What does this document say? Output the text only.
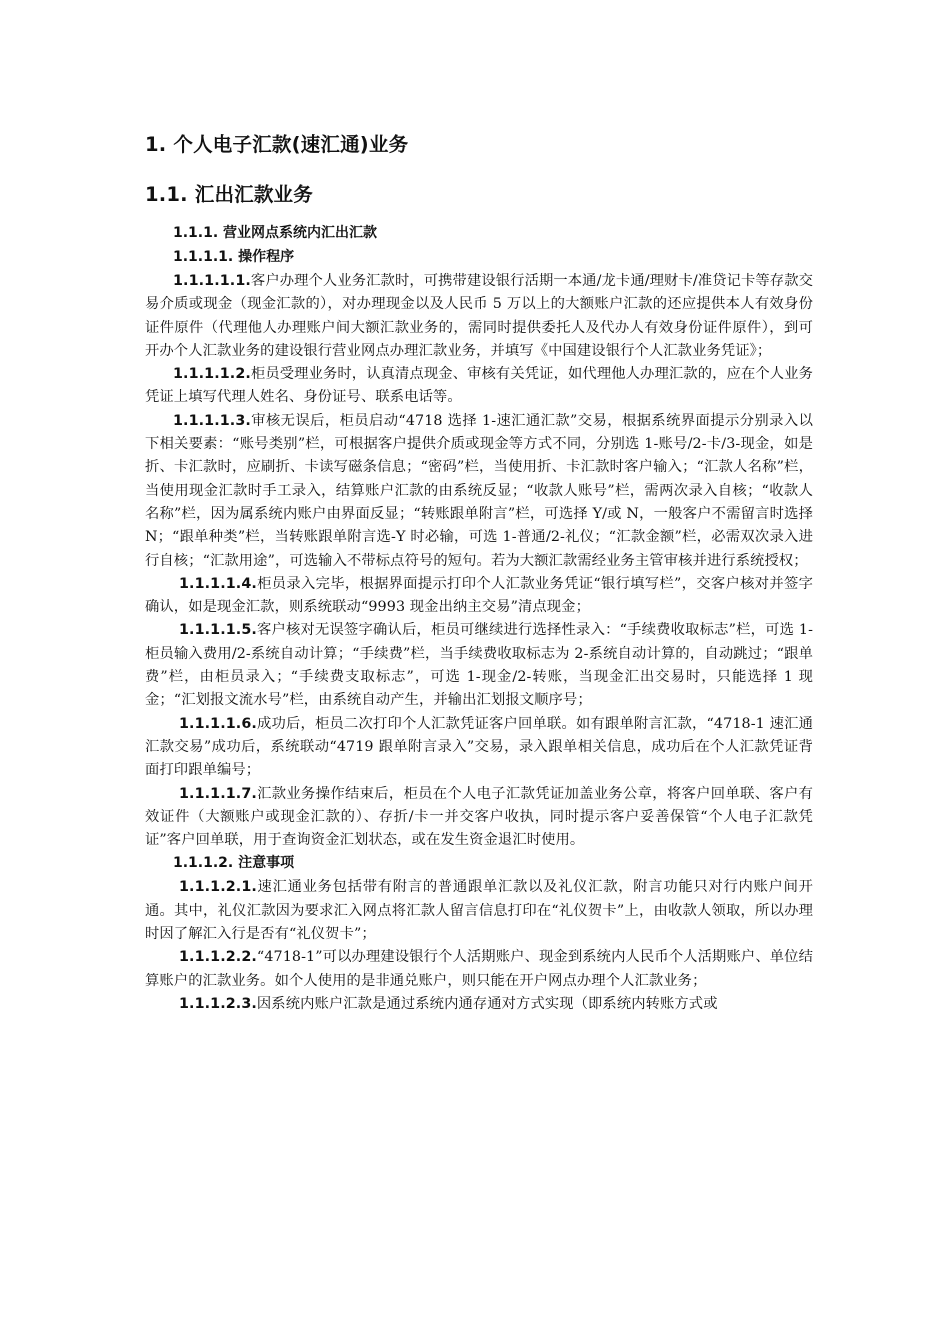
1. 个人电子汇款(速汇通)业务
1.1. 汇出汇款业务
1.1.1. 营业网点系统内汇出汇款
1.1.1.1. 操作程序

1.1.1.1.1.客户办理个人业务汇款时，可携带建设银行活期一本通/龙卡通/理财卡/准贷记卡等存款交易介质或现金（现金汇款的），对办理现金以及人民币 5 万以上的大额账户汇款的还应提供本人有效身份证件原件（代理他人办理账户间大额汇款业务的，需同时提供委托人及代办人有效身份证件原件），到可开办个人汇款业务的建设银行营业网点办理汇款业务，并填写《中国建设银行个人汇款业务凭证》；

1.1.1.1.2.柜员受理业务时，认真清点现金、审核有关凭证，如代理他人办理汇款的，应在个人业务凭证上填写代理人姓名、身份证号、联系电话等。

1.1.1.1.3.审核无误后，柜员启动“4718 选择 1-速汇通汇款”交易，根据系统界面提示分别录入以下相关要素：“账号类别”栏，可根据客户提供介质或现金等方式不同，分别选 1-账号/2-卡/3-现金，如是折、卡汇款时，应刷折、卡读写磁条信息；“密码”栏，当使用折、卡汇款时客户输入；“汇款人名称”栏，当使用现金汇款时手工录入，结算账户汇款的由系统反显；“收款人账号”栏，需两次录入自核；“收款人名称”栏，因为属系统内账户由界面反显；“转账跟单附言”栏，可选择 Y/或 N，一般客户不需留言时选择 N；“跟单种类”栏，当转账跟单附言选-Y 时必输，可选 1-普通/2-礼仪；“汇款金额”栏，必需双次录入进行自核；“汇款用途”，可选输入不带标点符号的短句。若为大额汇款需经业务主管审核并进行系统授权；

1.1.1.1.4.柜员录入完毕，根据界面提示打印个人汇款业务凭证“银行填写栏”，交客户核对并签字确认，如是现金汇款，则系统联动“9993 现金出纳主交易”清点现金；

1.1.1.1.5.客户核对无误签字确认后，柜员可继续进行选择性录入：“手续费收取标志”栏，可选 1-柜员输入费用/2-系统自动计算；“手续费”栏，当手续费收取标志为 2-系统自动计算的，自动跳过；“跟单费”栏，由柜员录入；“手续费支取标志”，可选 1-现金/2-转账，当现金汇出交易时，只能选择 1 现金；“汇划报文流水号”栏，由系统自动产生，并输出汇划报文顺序号；

1.1.1.1.6.成功后，柜员二次打印个人汇款凭证客户回单联。如有跟单附言汇款，“4718-1 速汇通汇款交易”成功后，系统联动“4719 跟单附言录入”交易，录入跟单相关信息，成功后在个人汇款凭证背面打印跟单编号；

1.1.1.1.7.汇款业务操作结束后，柜员在个人电子汇款凭证加盖业务公章，将客户回单联、客户有效证件（大额账户或现金汇款的）、存折/卡一并交客户收执，同时提示客户妥善保管“个人电子汇款凭证”客户回单联，用于查询资金汇划状态，或在发生资金退汇时使用。

1.1.1.2. 注意事项

1.1.1.2.1.速汇通业务包括带有附言的普通跟单汇款以及礼仪汇款，附言功能只对行内账户间开通。其中，礼仪汇款因为要求汇入网点将汇款人留言信息打印在“礼仪贺卡”上，由收款人领取，所以办理时因了解汇入行是否有“礼仪贺卡”；

1.1.1.2.2.“4718-1”可以办理建设银行个人活期账户、现金到系统内人民币个人活期账户、单位结算账户的汇款业务。如个人使用的是非通兑账户，则只能在开户网点办理个人汇款业务；

1.1.1.2.3.因系统内账户汇款是通过系统内通存通对方式实现（即系统内转账方式或
